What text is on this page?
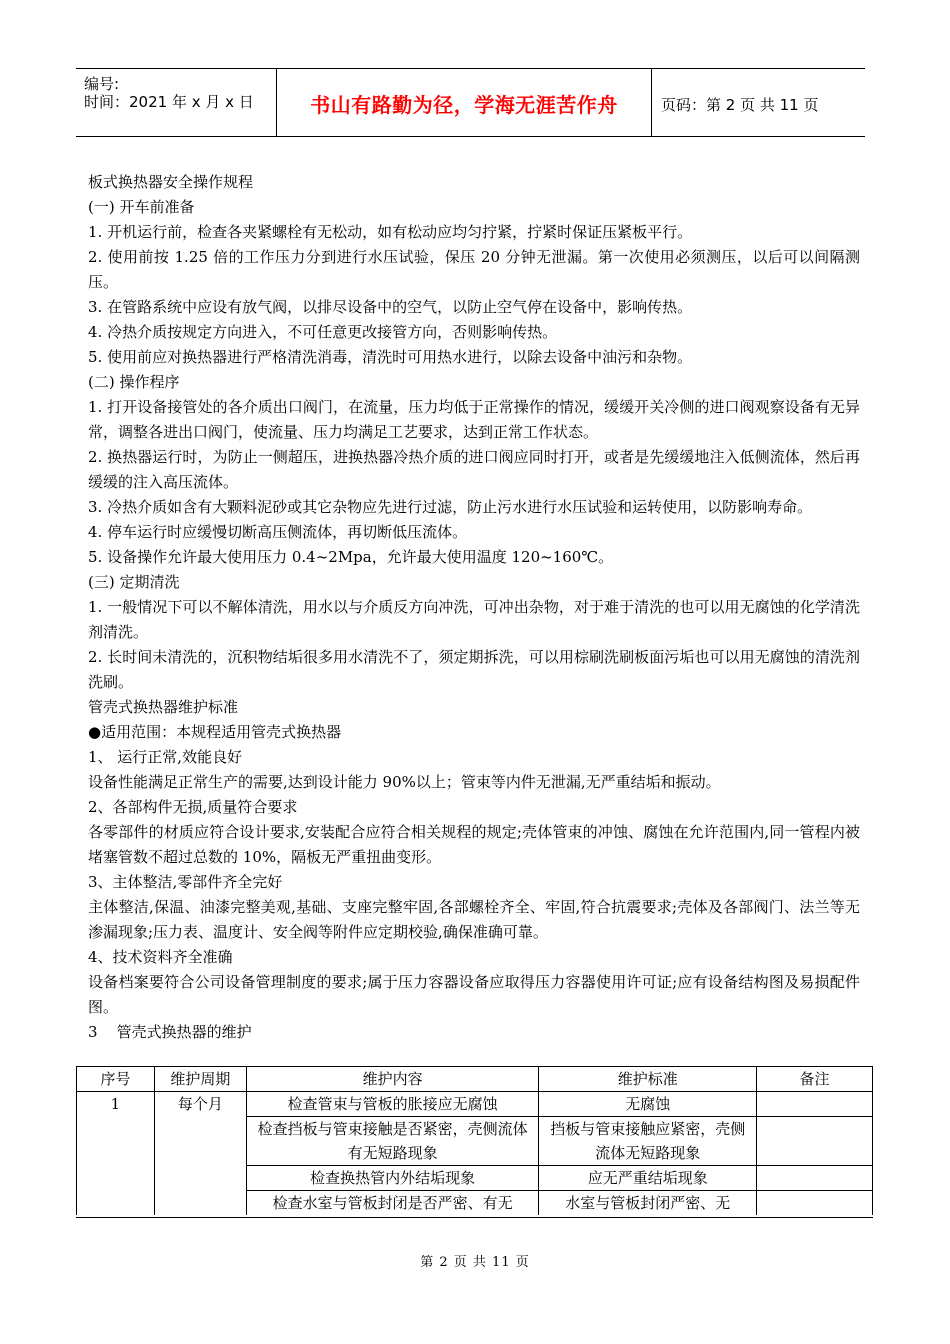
编号:
时间：2021 年 x 月 x 日	书山有路勤为径，学海无涯苦作舟	页码：第 2 页 共 11 页

板式换热器安全操作规程

(一) 开车前准备

1. 开机运行前，检查各夹紧螺栓有无松动，如有松动应均匀拧紧，拧紧时保证压紧板平行。

2. 使用前按 1.25 倍的工作压力分到进行水压试验，保压 20 分钟无泄漏。第一次使用必须测压，以后可以间隔测压。

3. 在管路系统中应设有放气阀，以排尽设备中的空气，以防止空气停在设备中，影响传热。

4. 冷热介质按规定方向进入，不可任意更改接管方向，否则影响传热。

5. 使用前应对换热器进行严格清洗消毒，清洗时可用热水进行，以除去设备中油污和杂物。

(二) 操作程序

1. 打开设备接管处的各介质出口阀门，在流量，压力均低于正常操作的情况，缓缓开关冷侧的进口阀观察设备有无异常，调整各进出口阀门，使流量、压力均满足工艺要求，达到正常工作状态。

2. 换热器运行时，为防止一侧超压，进换热器冷热介质的进口阀应同时打开，或者是先缓缓地注入低侧流体，然后再缓缓的注入高压流体。

3. 冷热介质如含有大颗料泥砂或其它杂物应先进行过滤，防止污水进行水压试验和运转使用，以防影响寿命。

4. 停车运行时应缓慢切断高压侧流体，再切断低压流体。

5. 设备操作允许最大使用压力 0.4~2Mpa，允许最大使用温度 120~160℃。

(三) 定期清洗

1. 一般情况下可以不解体清洗，用水以与介质反方向冲洗，可冲出杂物，对于难于清洗的也可以用无腐蚀的化学清洗剂清洗。

2. 长时间未清洗的，沉积物结垢很多用水清洗不了，须定期拆洗，可以用棕刷洗刷板面污垢也可以用无腐蚀的清洗剂洗刷。

管壳式换热器维护标准

●适用范围：本规程适用管壳式换热器

1、 运行正常,效能良好

设备性能满足正常生产的需要,达到设计能力 90%以上；管束等内件无泄漏,无严重结垢和振动。

2、各部构件无损,质量符合要求

各零部件的材质应符合设计要求,安装配合应符合相关规程的规定;壳体管束的冲蚀、腐蚀在允许范围内,同一管程内被堵塞管数不超过总数的 10%，隔板无严重扭曲变形。

3、主体整洁,零部件齐全完好

主体整洁,保温、油漆完整美观,基础、支座完整牢固,各部螺栓齐全、牢固,符合抗震要求;壳体及各部阀门、法兰等无渗漏现象;压力表、温度计、安全阀等附件应定期校验,确保准确可靠。

4、技术资料齐全准确

设备档案要符合公司设备管理制度的要求;属于压力容器设备应取得压力容器使用许可证;应有设备结构图及易损配件图。

3    管壳式换热器的维护

序号	维护周期	维护内容	维护标准	备注
1	每个月	检查管束与管板的胀接应无腐蚀	无腐蚀	
		检查挡板与管束接触是否紧密，壳侧流体有无短路现象	挡板与管束接触应紧密，壳侧流体无短路现象	
		检查换热管内外结垢现象	应无严重结垢现象	
		检查水室与管板封闭是否严密、有无	水室与管板封闭严密、无	
第 2 页 共 11 页
